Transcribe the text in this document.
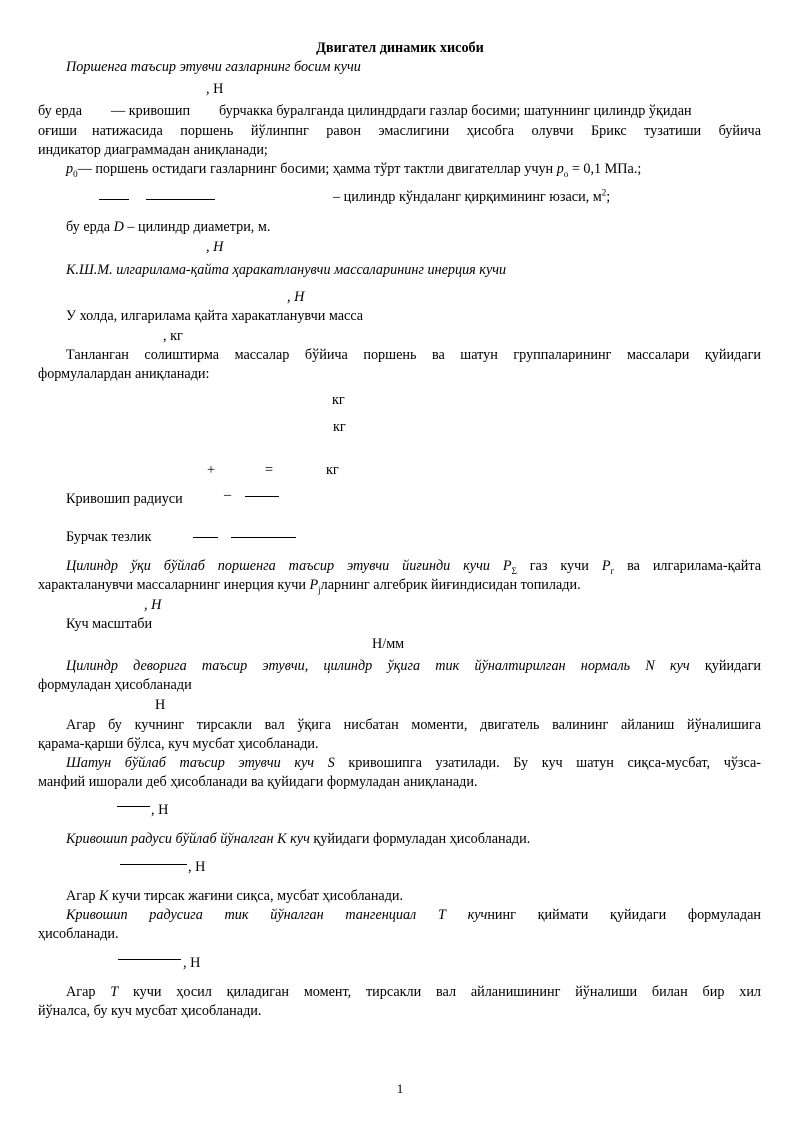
Двигател динамик хисоби
Поршенга таъсир этувчи газларнинг босим кучи
, Н
бу ерда — кривошип бурчакка буралганда цилиндрдаги газлар босими; шатуннинг цилиндр ўқидан
оғиши натижасида поршень йўлинпнг равон эмаслигини ҳисобга олувчи Брикс тузатиши буйича
индикатор диаграммадан аниқланади;
$p_0—$ поршень остидаги газларнинг босими; ҳамма тўрт тактли двигателлар учун $p_o = 0,1$ МПа.;
– цилиндр кўндаланг қирқимининг юзаси, $м^2$;
бу ерда D – цилиндр диаметри, м.
, Н
К.Ш.М. илгарилама-қайта ҳаракатланувчи массаларининг инерция кучи
, Н
У холда, илгарилама қайта харакатланувчи масса
, кг
Танланган солиштирма массалар бўйича поршень ва шатун группаларининг массалари қуйидаги
формулалардан аниқланади:
кг
кг
+	=	кг
Кривошип радиуси	–
Бурчак тезлик
Цилиндр ўқи бўйлаб поршенга таъсир этувчи йиғинди кучи $P_\Sigma$ газ кучи $P_г$ ва илгарилама-қайта
характаланувчи массаларнинг инерция кучи $P_jларнинг$ алгебрик йиғиндисидан топилади.
, Н
Куч масштаби
Н/мм
Цилиндр деворига таъсир этувчи, цилиндр ўқига тик йўналтирилган нормаль N куч қуйидаги
формуладан ҳисобланади
Н
Агар бу кучнинг тирсакли вал ўқига нисбатан моменти, двигатель валининг айланиш йўналишига
қарама-қарши бўлса, куч мусбат ҳисобланади.
Шатун бўйлаб таъсир этувчи куч S кривошипга узатилади. Бу куч шатун сиқса-мусбат, чўзса-
манфий ишорали деб ҳисобланади ва қуйидаги формуладан аниқланади.
, Н
Кривошип радуси бўйлаб йўналган K куч қуйидаги формуладан ҳисобланади.
, Н
Агар K кучи тирсак жағини сиқса, мусбат ҳисобланади.
Кривошип радусига тик йўналган тангенциал T кучнинг қиймати қуйидаги формуладан
ҳисобланади.
, Н
Агар T кучи ҳосил қиладиган момент, тирсакли вал айланишининг йўналиши билан бир хил
йўналса, бу куч мусбат ҳисобланади.
1
